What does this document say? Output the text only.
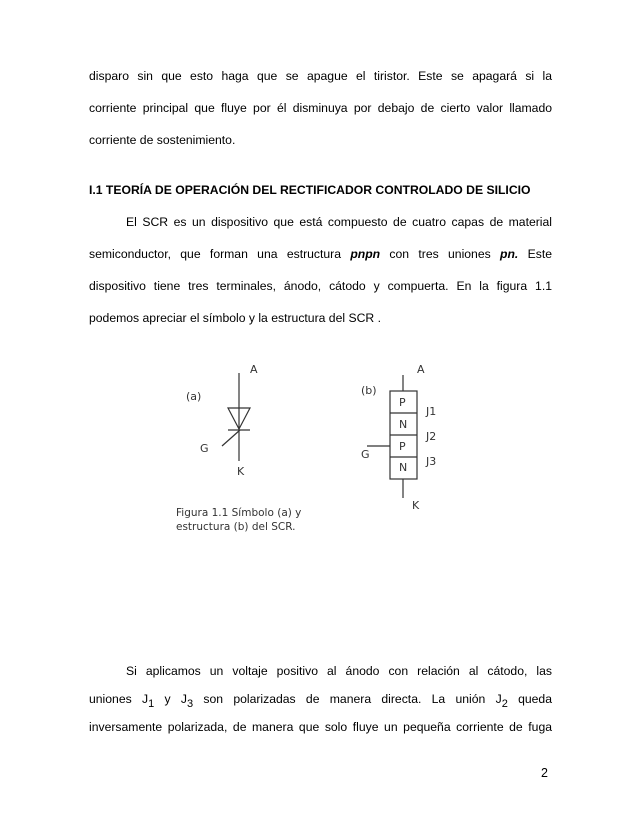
disparo sin que esto haga que se apague el tiristor. Este se apagará si la
corriente principal que fluye por él disminuya por debajo de cierto valor llamado
corriente de sostenimiento.
I.1 TEORÍA DE OPERACIÓN DEL RECTIFICADOR CONTROLADO DE SILICIO
El SCR es un dispositivo que está compuesto de cuatro capas de material
semiconductor, que forman una estructura pnpn con tres uniones pn. Este
dispositivo tiene tres terminales, ánodo, cátodo y compuerta. En la figura 1.1
podemos apreciar el símbolo y la estructura del SCR .
A
(a)
G
K
A
(b)
P
N
P
N
J1
J2
J3
G
K
Figura 1.1 Símbolo (a) y
estructura (b) del SCR.
Si aplicamos un voltaje positivo al ánodo con relación al cátodo, las
uniones $J_1$ y $J_3$ son polarizadas de manera directa. La unión $J_2$ queda
inversamente polarizada, de manera que solo fluye un pequeña corriente de fuga
2
